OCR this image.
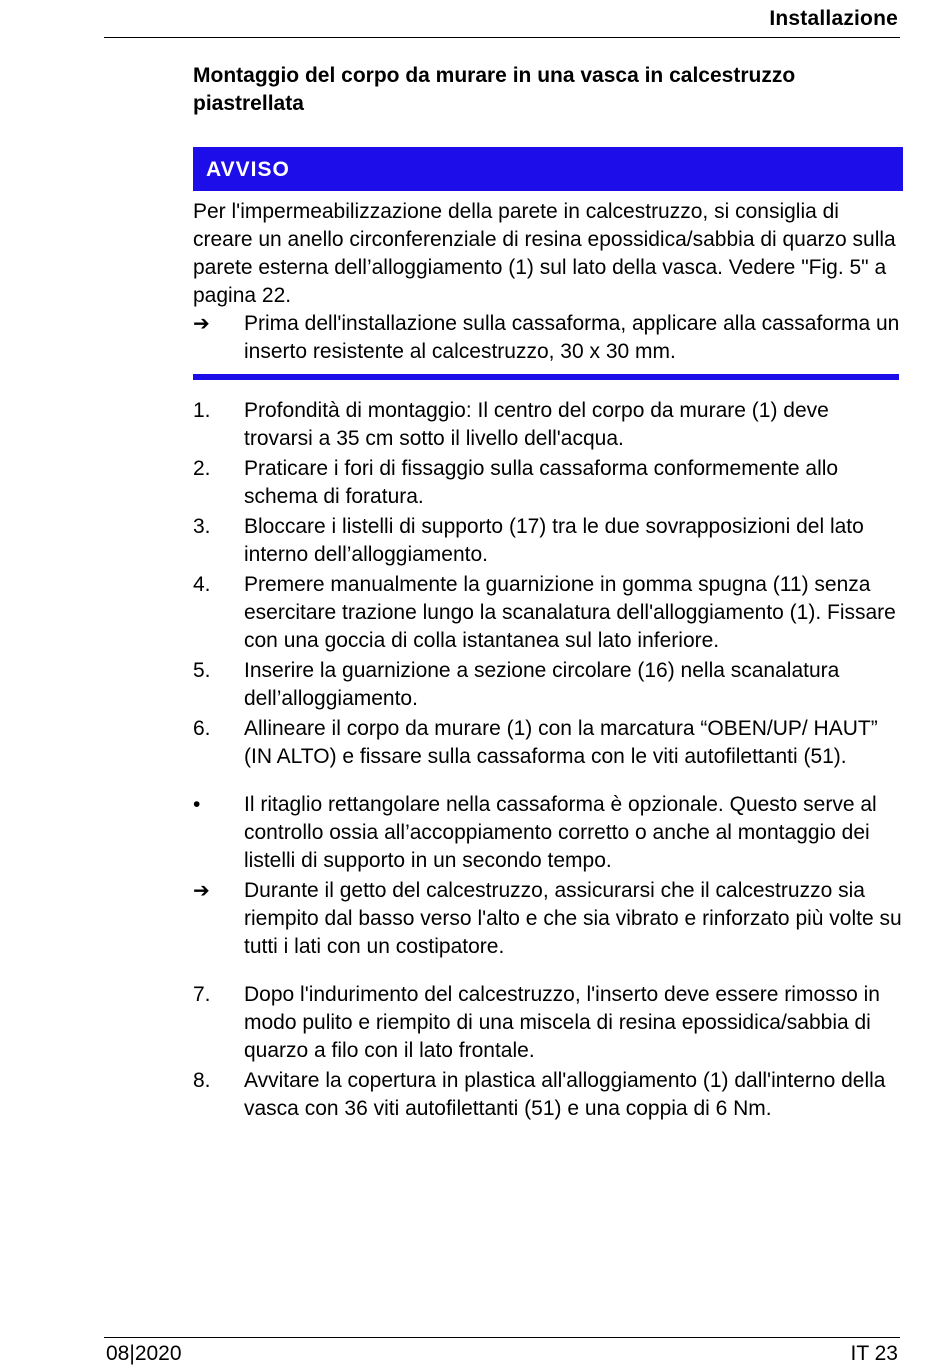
Installazione
Montaggio del corpo da murare in una vasca in calcestruzzo
piastrellata
AVVISO
Per l'impermeabilizzazione della parete in calcestruzzo, si consiglia di creare un anello circonferenziale di resina epossidica/sabbia di quarzo sulla parete esterna dell’alloggiamento (1) sul lato della vasca. Vedere "Fig. 5" a pagina 22.
➔	Prima dell'installazione sulla cassaforma, applicare alla cassaforma un inserto resistente al calcestruzzo, 30 x 30 mm.
1.	Profondità di montaggio: Il centro del corpo da murare (1) deve trovarsi a 35 cm sotto il livello dell'acqua.
2.	Praticare i fori di fissaggio sulla cassaforma conformemente allo schema di foratura.
3.	Bloccare i listelli di supporto (17) tra le due sovrapposizioni del lato interno dell’alloggiamento.
4.	Premere manualmente la guarnizione in gomma spugna (11) senza esercitare trazione lungo la scanalatura dell'alloggiamento (1). Fissare con una goccia di colla istantanea sul lato inferiore.
5.	Inserire la guarnizione a sezione circolare (16) nella scanalatura dell’alloggiamento.
6.	Allineare il corpo da murare (1) con la marcatura “OBEN/UP/ HAUT” (IN ALTO) e fissare sulla cassaforma con le viti autofilettanti (51).
•	Il ritaglio rettangolare nella cassaforma è opzionale. Questo serve al controllo ossia all’accoppiamento corretto o anche al montaggio dei listelli di supporto in un secondo tempo.
➔	Durante il getto del calcestruzzo, assicurarsi che il calcestruzzo sia riempito dal basso verso l'alto e che sia vibrato e rinforzato più volte su tutti i lati con un costipatore.
7.	Dopo l'indurimento del calcestruzzo, l'inserto deve essere rimosso in modo pulito e riempito di una miscela di resina epossidica/sabbia di quarzo a filo con il lato frontale.
8.	Avvitare la copertura in plastica all'alloggiamento (1) dall'interno della vasca con 36 viti autofilettanti (51) e una coppia di 6 Nm.
08|2020	IT 23
